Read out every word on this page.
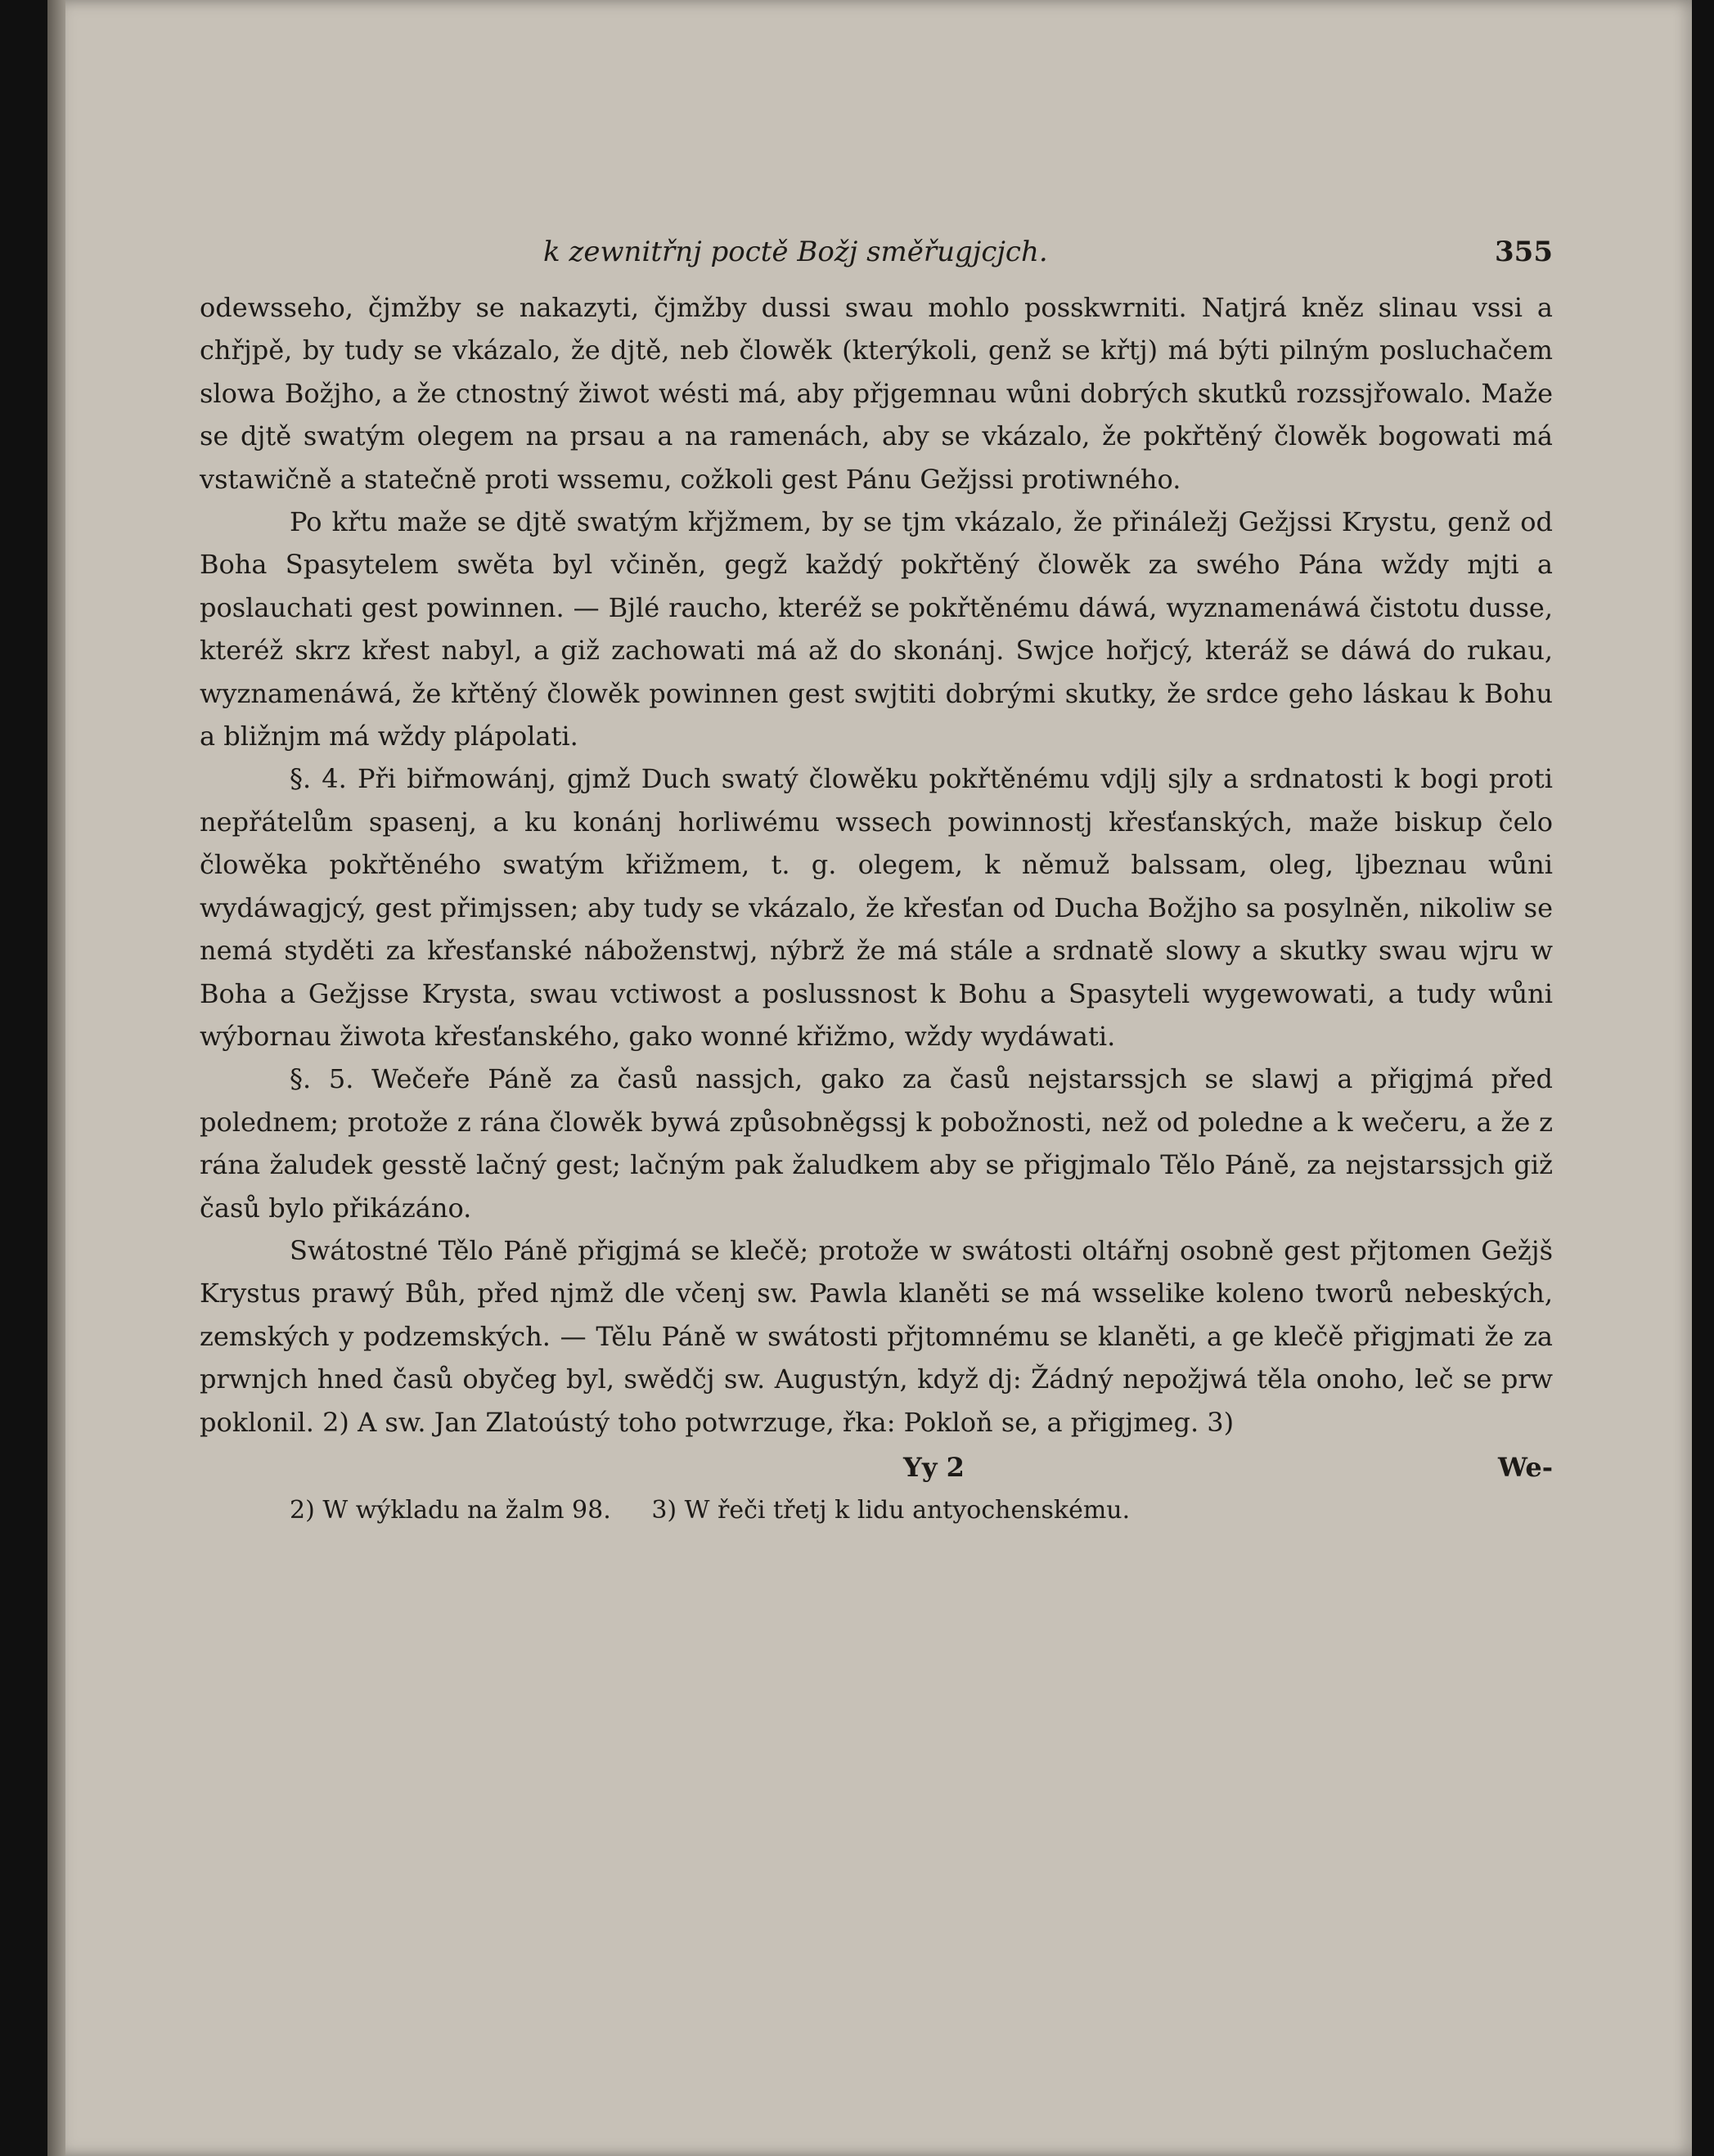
k zewnitřnj poctě Božj směřugjcjch.	355

odewsseho, čjmžby se nakazyti, čjmžby dussi swau mohlo posskwrniti. Natjrá kněz slinau vssi a chřjpě, by tudy se vkázalo, že djtě, neb člowěk (kterýkoli, genž se křtj) má býti pilným posluchačem slowa Božjho, a že ctnostný žiwot wésti má, aby přjgemnau wůni dobrých skutků rozssjřowalo. Maže se djtě swatým olegem na prsau a na ramenách, aby se vkázalo, že pokřtěný člowěk bogowati má vstawičně a statečně proti wssemu, cožkoli gest Pánu Gežjssi protiwného.

Po křtu maže se djtě swatým křjžmem, by se tjm vkázalo, že přináležj Gežjssi Krystu, genž od Boha Spasytelem swěta byl včiněn, gegž každý pokřtěný člowěk za swého Pána wždy mjti a poslauchati gest powinnen. — Bjlé raucho, kteréž se pokřtěnému dáwá, wyznamenáwá čistotu dusse, kteréž skrz křest nabyl, a giž zachowati má až do skonánj. Swjce hořjcý, kteráž se dáwá do rukau, wyznamenáwá, že křtěný člowěk powinnen gest swjtiti dobrými skutky, že srdce geho láskau k Bohu a bližnjm má wždy plápolati.

§. 4. Při biřmowánj, gjmž Duch swatý člowěku pokřtěnému vdjlj sjly a srdnatosti k bogi proti nepřátelům spasenj, a ku konánj horliwému wssech powinnostj křesťanských, maže biskup čelo člowěka pokřtěného swatým křižmem, t. g. olegem, k němuž balssam, oleg, ljbeznau wůni wydáwagjcý, gest přimjssen; aby tudy se vkázalo, že křesťan od Ducha Božjho sa posylněn, nikoliw se nemá styděti za křesťanské náboženstwj, nýbrž že má stále a srdnatě slowy a skutky swau wjru w Boha a Gežjsse Krysta, swau vctiwost a poslussnost k Bohu a Spasyteli wygewowati, a tudy wůni wýbornau žiwota křesťanského, gako wonné křižmo, wždy wydáwati.

§. 5. Wečeře Páně za časů nassjch, gako za časů nejstarssjch se slawj a přigjmá před polednem; protože z rána člowěk bywá způsobněgssj k pobožnosti, než od poledne a k wečeru, a že z rána žaludek gesstě lačný gest; lačným pak žaludkem aby se přigjmalo Tělo Páně, za nejstarssjch giž časů bylo přikázáno.

Swátostné Tělo Páně přigjmá se klečě; protože w swátosti oltářnj osobně gest přjtomen Gežjš Krystus prawý Bůh, před njmž dle včenj sw. Pawla klaněti se má wsselike koleno tworů nebeských, zemských y podzemských. — Tělu Páně w swátosti přjtomnému se klaněti, a ge klečě přigjmati že za prwnjch hned časů obyčeg byl, swědčj sw. Augustýn, když dj: Žádný nepožjwá těla onoho, leč se prw poklonil. 2) A sw. Jan Zlatoústý toho potwrzuge, řka: Pokloň se, a přigjmeg. 3)

Yy 2	We-
2) W wýkladu na žalm 98. 3) W řeči třetj k lidu antyochenskému.
